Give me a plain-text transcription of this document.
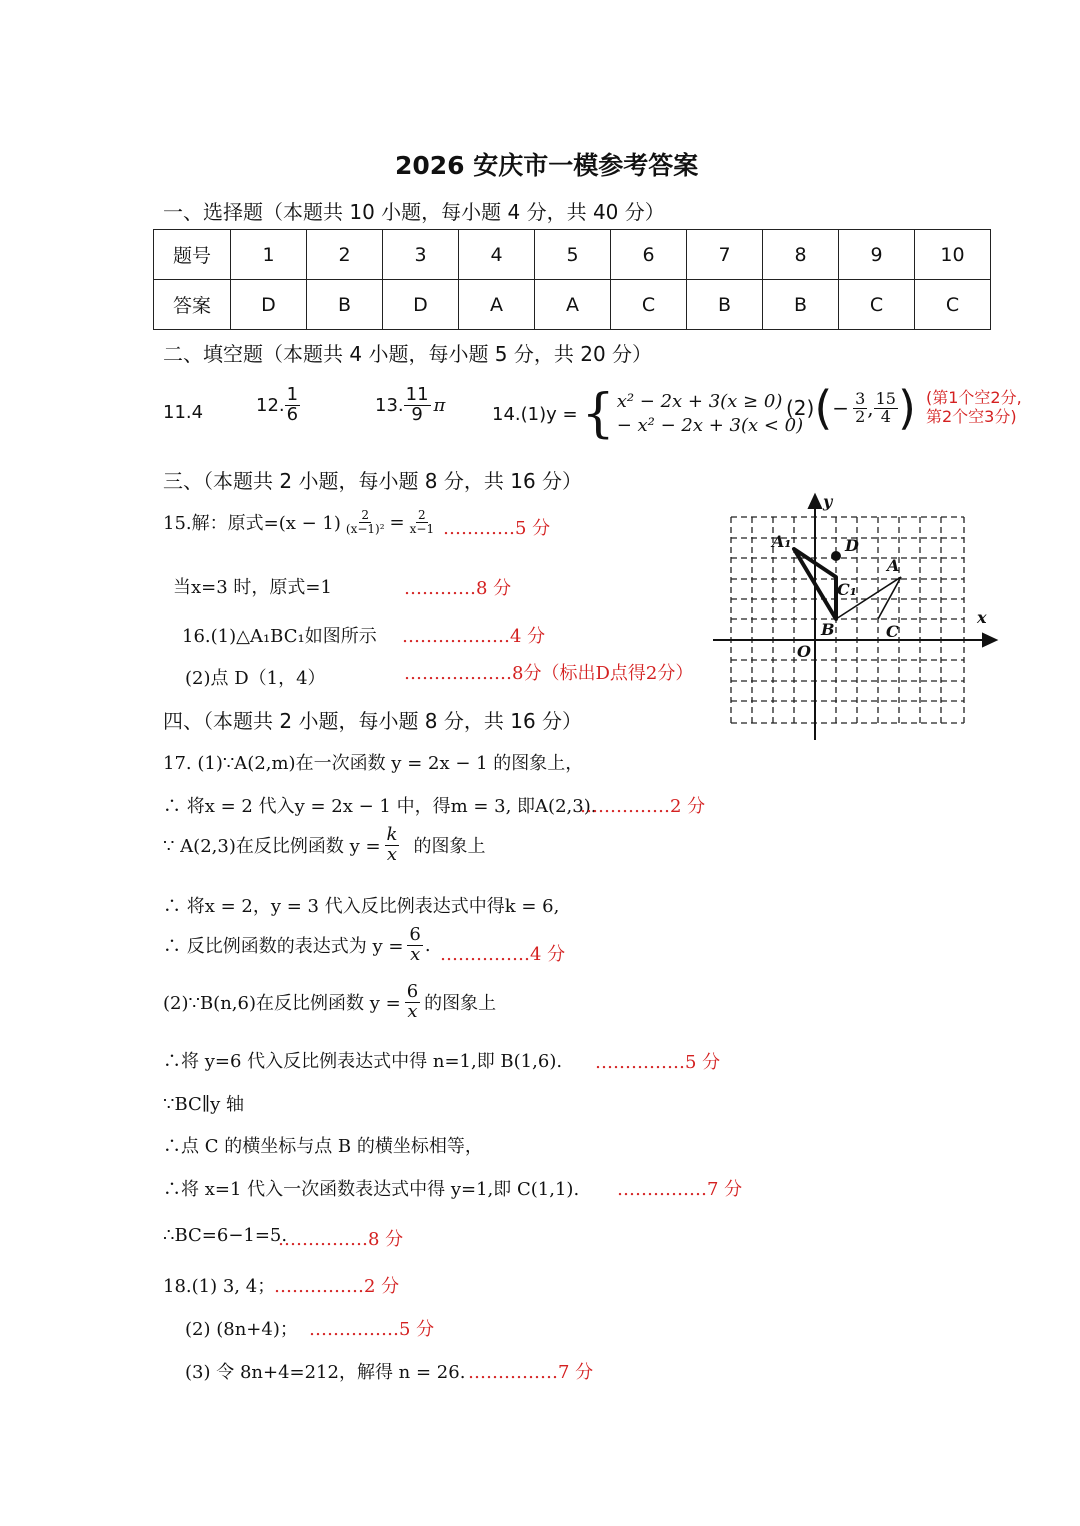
2026 安庆市一模参考答案
一、选择题（本题共 10 小题，每小题 4 分，共 40 分）
题号	1	2	3	4	5	6	7	8	9	10
答案	D	B	D	A	A	C	B	B	C	C
二、填空题（本题共 4 小题，每小题 5 分，共 20 分）
11.4	12. $\frac{1}{6}$	13. $\frac{11}{9}$ π	14.(1)y = { x² − 2x + 3(x ≥ 0)
− x² − 2x + 3(x < 0)
(2) ( − $\frac{3}{2}$ , $\frac{15}{4}$ ) (第1个空2分,
第2个空3分)
三、（本题共 2 小题，每小题 8 分，共 16 分）
15.解：原式$=(x - 1) \frac{2}{\text{(x−1)²}} = \frac{2}{x-1}$ …………5 分
当x=3 时，原式=1	…………8 分
16.(1)△A₁BC₁如图所示 ………………4 分
(2)点 D（1，4）	………………8分（标出D点得2分）
x
y
O
A₁	D
A
C₁
B	C
四、（本题共 2 小题，每小题 8 分，共 16 分）
17. (1)∵A(2,m)在一次函数 y = 2x − 1 的图象上，
∴ 将x = 2 代入y = 2x − 1 中，得m = 3, 即A(2,3).
……………2 分
∵ A(2,3)在反比例函数 $y = \frac{k}{x}$ 的图象上
∴ 将x = 2，y = 3 代入反比例表达式中得k = 6,
∴ 反比例函数的表达式为 $y = \frac{6}{x}$ . ……………4 分
(2)∵B(n,6)在反比例函数 $y = \frac{6}{x}$ 的图象上
∴将 y=6 代入反比例表达式中得 n=1,即 B(1,6). ……………5 分
∵BC∥y 轴
∴点 C 的横坐标与点 B 的横坐标相等，
∴将 x=1 代入一次函数表达式中得 y=1,即 C(1,1). ……………7 分
∴BC=6−1=5.
……………8 分
18.(1) 3, 4；
……………2 分
(2) (8n+4)； ……………5 分
(3) 令 8n+4=212，解得 n = 26. ……………7 分
